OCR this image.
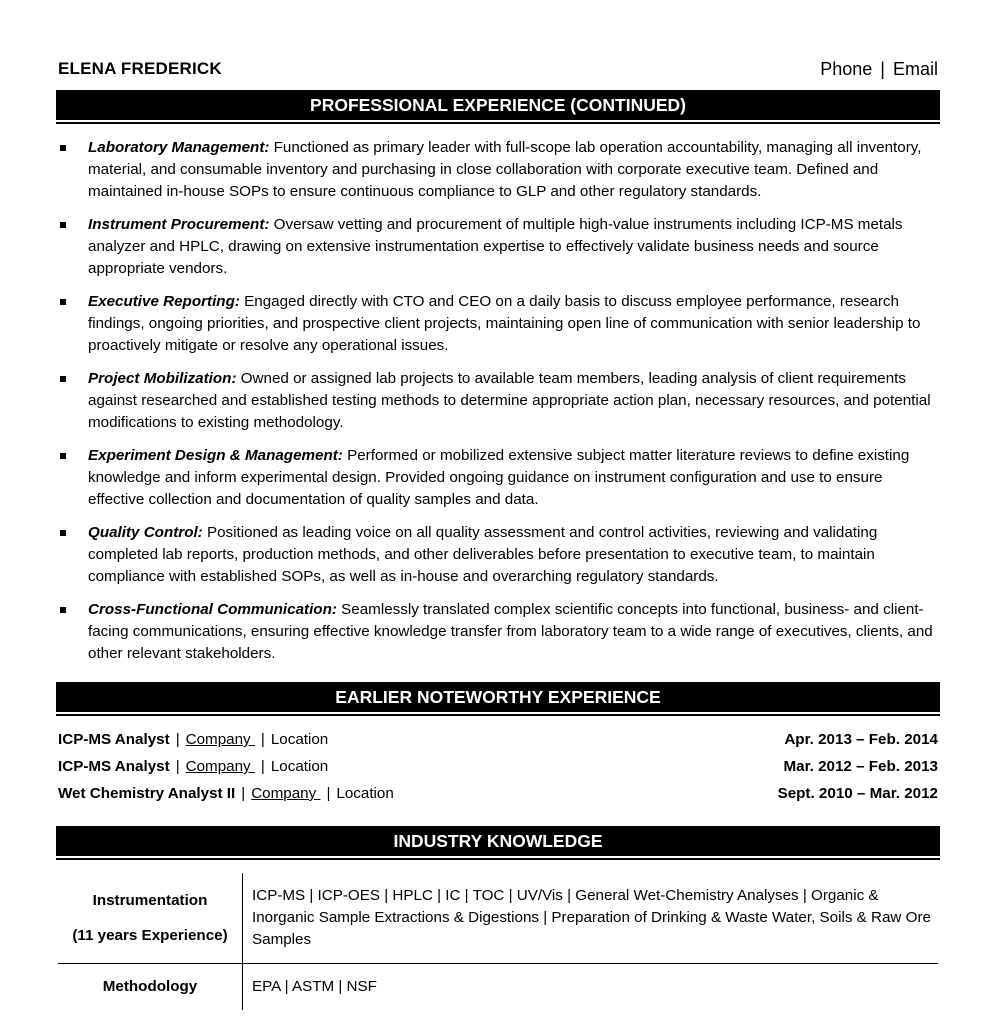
ELENA FREDERICK	Phone | Email
PROFESSIONAL EXPERIENCE (CONTINUED)
Laboratory Management: Functioned as primary leader with full-scope lab operation accountability, managing all inventory, material, and consumable inventory and purchasing in close collaboration with corporate executive team. Defined and maintained in-house SOPs to ensure continuous compliance to GLP and other regulatory standards.
Instrument Procurement: Oversaw vetting and procurement of multiple high-value instruments including ICP-MS metals analyzer and HPLC, drawing on extensive instrumentation expertise to effectively validate business needs and source appropriate vendors.
Executive Reporting: Engaged directly with CTO and CEO on a daily basis to discuss employee performance, research findings, ongoing priorities, and prospective client projects, maintaining open line of communication with senior leadership to proactively mitigate or resolve any operational issues.
Project Mobilization: Owned or assigned lab projects to available team members, leading analysis of client requirements against researched and established testing methods to determine appropriate action plan, necessary resources, and potential modifications to existing methodology.
Experiment Design & Management: Performed or mobilized extensive subject matter literature reviews to define existing knowledge and inform experimental design. Provided ongoing guidance on instrument configuration and use to ensure effective collection and documentation of quality samples and data.
Quality Control: Positioned as leading voice on all quality assessment and control activities, reviewing and validating completed lab reports, production methods, and other deliverables before presentation to executive team, to maintain compliance with established SOPs, as well as in-house and overarching regulatory standards.
Cross-Functional Communication: Seamlessly translated complex scientific concepts into functional, business- and client-facing communications, ensuring effective knowledge transfer from laboratory team to a wide range of executives, clients, and other relevant stakeholders.
EARLIER NOTEWORTHY EXPERIENCE
ICP-MS Analyst | Company | Location	Apr. 2013 – Feb. 2014
ICP-MS Analyst | Company | Location	Mar. 2012 – Feb. 2013
Wet Chemistry Analyst II | Company | Location	Sept. 2010 – Mar. 2012
INDUSTRY KNOWLEDGE
Instrumentation
(11 years Experience)	ICP-MS | ICP-OES | HPLC | IC | TOC | UV/Vis | General Wet-Chemistry Analyses | Organic & Inorganic Sample Extractions & Digestions | Preparation of Drinking & Waste Water, Soils & Raw Ore Samples
Methodology	EPA | ASTM | NSF
